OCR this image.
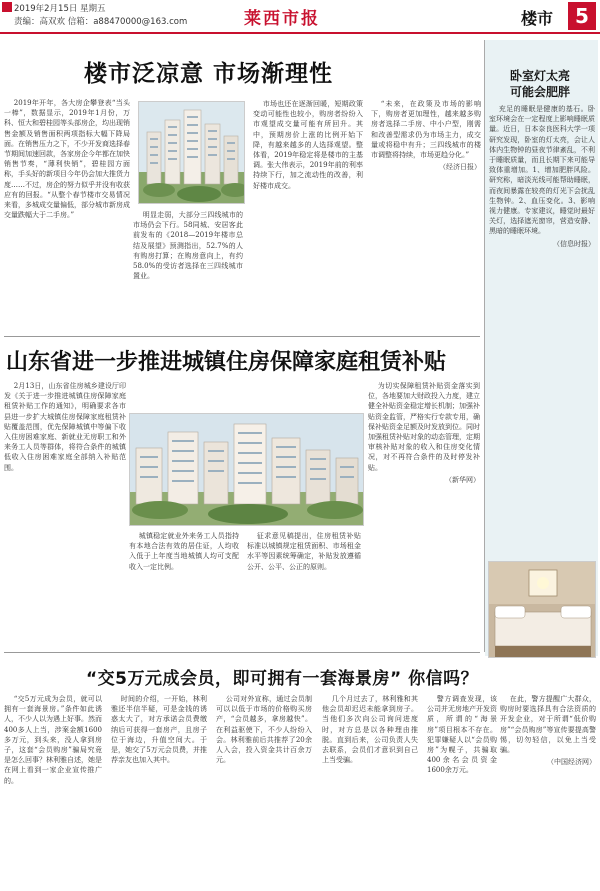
2019年2月15日 星期五
责编：高双欢 信箱：a88470000@163.com	莱西市报	楼市	5
楼市泛凉意 市场渐理性

2019年开年，各大房企攀登表“当头一棒”，数据显示，2019年1月份，万科、恒大和碧桂园等头部房企，均出现销售金额及销售面积两项指标大幅下降局面。在销售压力之下，不少开发商选择春节期间加速回款，各家房企今年都在加快销售节奏，“薄利快销”，碧桂园方面称，手头好的新项目今年仍会加大推货力度……不过，房企的努力似乎并没有收获应有的回报。“从整个春节楼市交易情况来看，多城成交量偏低，部分城市新房成交量跌幅大于二手房。”	明显走弱，大部分三四线城市的市场仍会下行。58同城、安居客此前发布的《2018—2019年楼市总结及展望》预测指出，52.7%的人有购房打算；在购房意向上，有约58.0%的受访者选择在三四线城市置业。

市场也还在逐渐回暖，短期政策变动可能性也较小，购房者纷纷入市观望成交量可能有所回升。其中，预期房价上涨的比例开始下降，有越来越多的人选择观望。整体看，2019年稳定将是楼市的主基调。张大伟表示，2019年前的利率持续下行，加之流动性的改善，利好楼市成交。

“未来，在政策及市场的影响下，购房者更加理性，越来越多购房者选择二手房、中小户型，刚需和改善型需求仍为市场主力，成交量或将稳中有升；三四线城市的楼市调整将持续，市场更趋分化。”

（经济日报）
山东省进一步推进城镇住房保障家庭租赁补贴

2月13日，山东省住房城乡建设厅印发《关于进一步推进城镇住房保障家庭租赁补贴工作的通知》，明确要求各市县进一步扩大城镇住房保障家庭租赁补贴覆盖范围，优先保障城镇中等偏下收入住房困难家庭、新就业无房职工和外来务工人员等群体，将符合条件的城镇低收入住房困难家庭全部纳入补贴范围。

城镇稳定就业外来务工人员指持有本地合法有效的居住证，人均收入低于上年度当地城镇人均可支配收入一定比例。

征求意见稿提出，住房租赁补贴标准以城镇规定租赁面积、市场租金水平等因素统筹确定，补贴发放遵循公开、公平、公正的原则。

为切实保障租赁补贴资金落实到位，各地要加大财政投入力度，建立健全补贴资金稳定增长机制；加强补贴资金监管，严格实行专款专用，确保补贴资金足额及时发放到位。同时加强租赁补贴对象的动态管理，定期审核补贴对象的收入和住房变化情况，对不再符合条件的及时停发补贴。

（新华网）
卧室灯太亮
可能会肥胖

充足的睡眠是健康的基石。卧室环境会在一定程度上影响睡眠质量。近日，日本奈良医科大学一项研究发现，卧室的灯太亮，会让人体内生物钟的昼夜节律紊乱，不利于睡眠质量，而且长期下来可能导致体重增加。1、增加肥胖风险。研究称，暗淡光线可能帮助睡眠，而夜间暴露在较亮的灯光下会扰乱生物钟。2、血压变化。3、影响视力健康。专家建议，睡觉时最好关灯，选择遮光窗帘，营造安静、黑暗的睡眠环境。

（信息时报）
“交5万元成会员，即可拥有一套海景房” 你信吗？

“交5万元成为会员，就可以拥有一套海景房。”条件如此诱人，不少人以为遇上好事。然而400多人上当，涉案金额1600多万元，到头来，没人拿到房子，这套“会员购房”骗局究竟是怎么回事？林利雅自述，她是在网上看到一家企业宣传推广的。

时间的介绍，一开始，林利雅还半信半疑，可是金钱的诱惑太大了，对方承诺会员费缴纳后可获得一套房产，且房子位于海边，升值空间大。于是，她交了5万元会员费，并推荐亲友也加入其中。

公司对外宣称，通过会员制可以以低于市场的价格购买房产，“会员越多，拿房越快”。在利益驱使下，不少人纷纷入会。林利雅前后共推荐了20余人入会，投入资金共计百余万元。

几个月过去了，林利雅和其他会员却迟迟未能拿到房子。当他们多次向公司询问进度时，对方总是以各种理由推脱。直到后来，公司负责人失去联系，会员们才意识到自己上当受骗。

警方调查发现，该公司并无房地产开发资质，所谓的“海景房”项目根本不存在。犯罪嫌疑人以“会员购房”为幌子，共骗取400余名会员资金1600余万元。

在此，警方提醒广大群众，购房时要选择具有合法资质的开发企业，对于所谓“低价购房”“会员购房”等宣传要提高警惕，切勿轻信，以免上当受骗。

（中国经济网）
